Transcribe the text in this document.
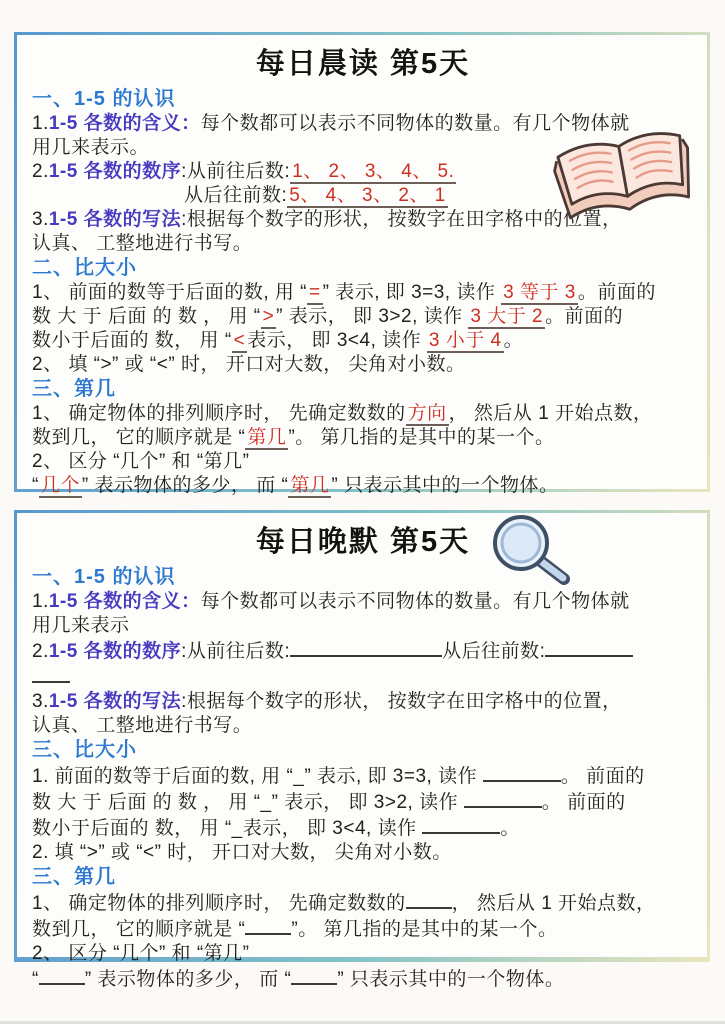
每日晨读 第5天
一、1-5 的认识
1.1-5 各数的含义：每个数都可以表示不同物体的数量。有几个物体就
用几来表示。
2.1-5 各数的数序:从前往后数: 1、 2、 3、 4、 5.
从后往前数: 5、 4、 3、 2、 1
3.1-5 各数的写法:根据每个数字的形状， 按数字在田字格中的位置，
认真、 工整地进行书写。
二、比大小
1、 前面的数等于后面的数, 用 “ = ” 表示, 即 3=3, 读作 3 等于 3 。前面的
数 大 于 后面 的 数 ， 用 “ > ” 表示， 即 3>2, 读作 3 大于 2 。前面的
数小于后面的 数， 用 “ < 表示， 即 3<4, 读作 3 小于 4 。
2、 填 “>” 或 “<” 时， 开口对大数， 尖角对小数。
三、第几
1、 确定物体的排列顺序时， 先确定数数的 方向 ， 然后从 1 开始点数，
数到几， 它的顺序就是 “ 第几 ”。 第几指的是其中的某一个。
2、 区分 “几个” 和 “第几”
“ 几个 ” 表示物体的多少， 而 “ 第几 ” 只表示其中的一个物体。
每日晚默 第5天
一、1-5 的认识
1.1-5 各数的含义：每个数都可以表示不同物体的数量。有几个物体就
用几来表示
2.1-5 各数的数序:从前往后数:	从后往前数:
3.1-5 各数的写法:根据每个数字的形状， 按数字在田字格中的位置，
认真、 工整地进行书写。
三、比大小
1. 前面的数等于后面的数, 用 “_” 表示, 即 3=3, 读作	。 前面的
数 大 于 后面 的 数 ， 用 “_” 表示， 即 3>2, 读作	。 前面的
数小于后面的 数， 用 “_表示， 即 3<4, 读作	。
2. 填 “>” 或 “<” 时， 开口对大数， 尖角对小数。
三、第几
1、 确定物体的排列顺序时， 先确定数数的 ， 然后从 1 开始点数，
数到几， 它的顺序就是 “ ”。 第几指的是其中的某一个。
2、 区分 “几个” 和 “第几”
“ ” 表示物体的多少， 而 “ ” 只表示其中的一个物体。
